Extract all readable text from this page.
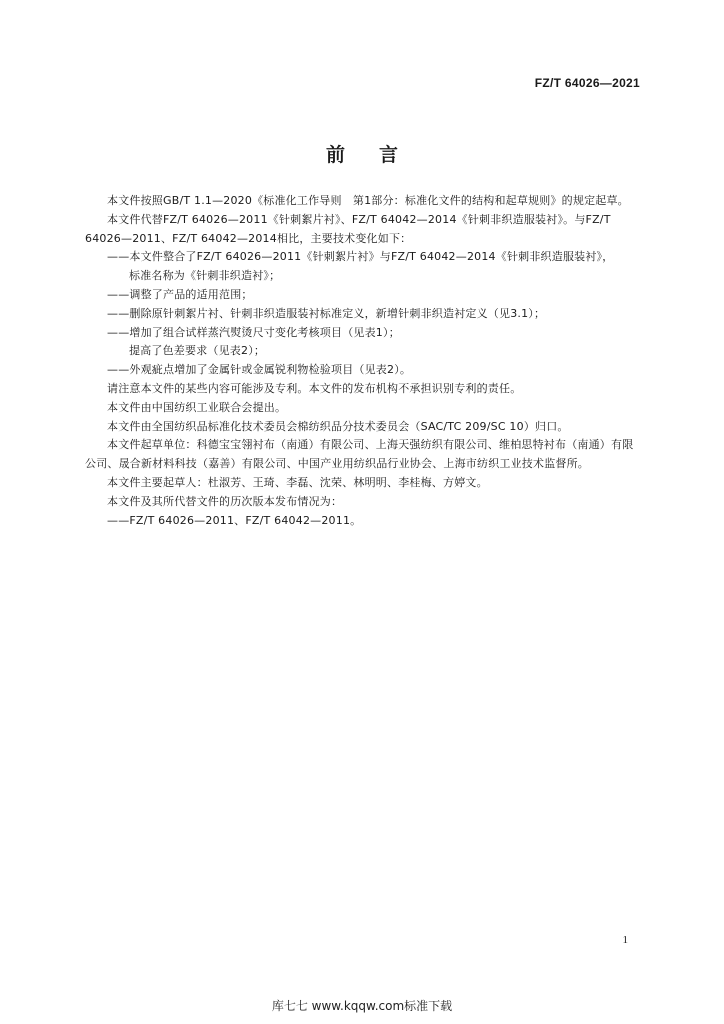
FZ/T 64026—2021
前言

本文件按照GB/T 1.1—2020《标准化工作导则　第1部分：标准化文件的结构和起草规则》的规定起草。

本文件代替FZ/T 64026—2011《针刺絮片衬》、FZ/T 64042—2014《针刺非织造服装衬》。与FZ/T 64026—2011、FZ/T 64042—2014相比，主要技术变化如下：

——本文件整合了FZ/T 64026—2011《针刺絮片衬》与FZ/T 64042—2014《针刺非织造服装衬》，

标准名称为《针刺非织造衬》；

——调整了产品的适用范围；

——删除原针刺絮片衬、针刺非织造服装衬标准定义，新增针刺非织造衬定义（见3.1）；

——增加了组合试样蒸汽熨烫尺寸变化考核项目（见表1）；

提高了色差要求（见表2）；

——外观疵点增加了金属针或金属锐利物检验项目（见表2）。

请注意本文件的某些内容可能涉及专利。本文件的发布机构不承担识别专利的责任。

本文件由中国纺织工业联合会提出。

本文件由全国纺织品标准化技术委员会棉纺织品分技术委员会（SAC/TC 209/SC 10）归口。

本文件起草单位：科德宝宝翎衬布（南通）有限公司、上海天强纺织有限公司、维柏思特衬布（南通）有限公司、晟合新材料科技（嘉善）有限公司、中国产业用纺织品行业协会、上海市纺织工业技术监督所。

本文件主要起草人：杜淑芳、王琦、李磊、沈荣、林明明、李桂梅、方婷文。

本文件及其所代替文件的历次版本发布情况为：

——FZ/T 64026—2011、FZ/T 64042—2011。

1
库七七 www.kqqw.com标准下载
